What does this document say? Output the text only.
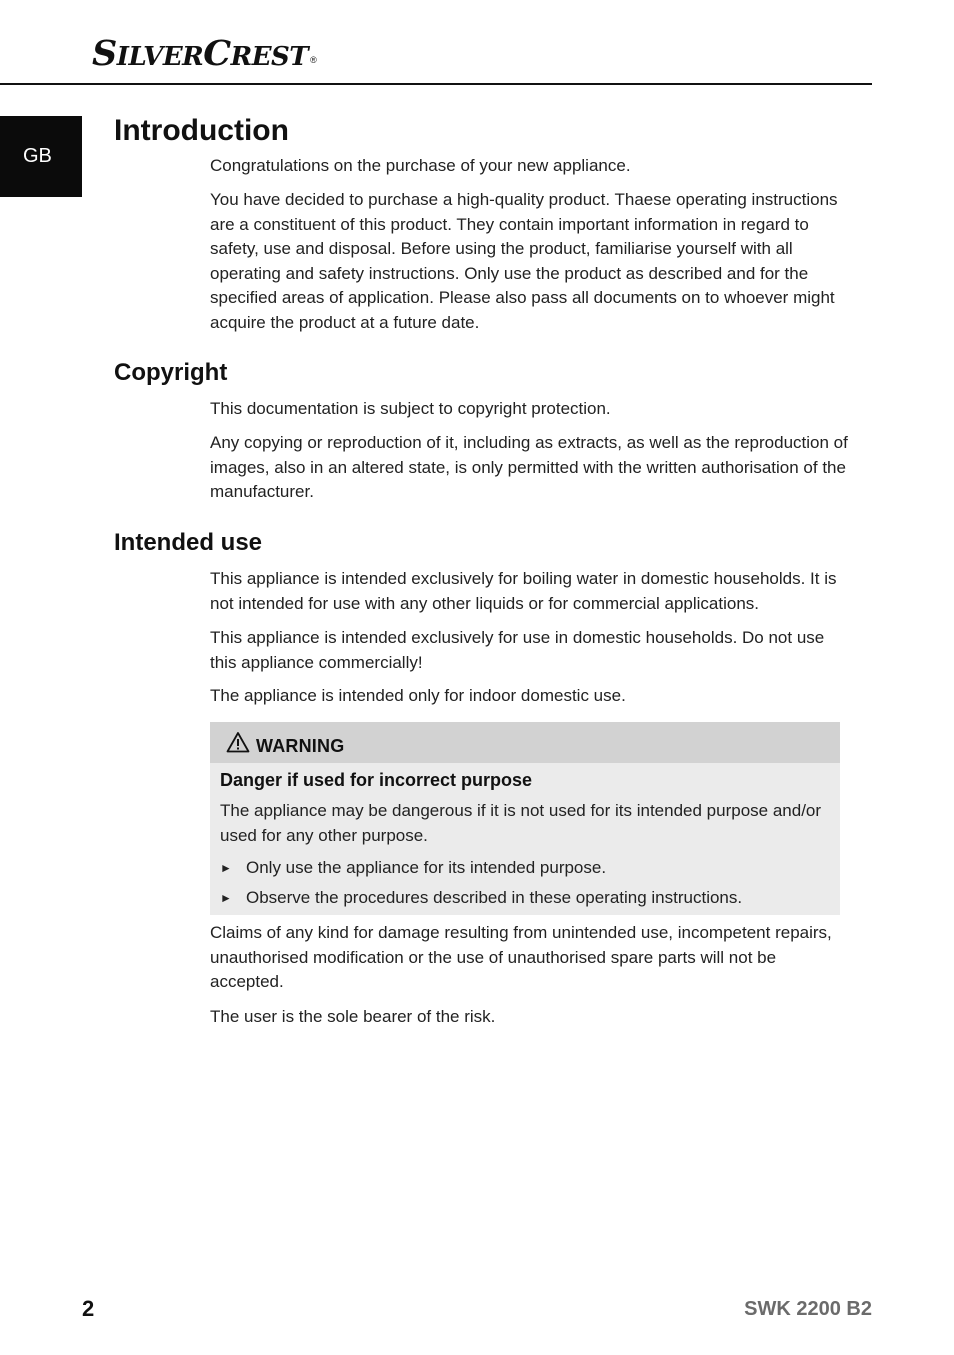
SILVERCREST ®
GB
Introduction

Congratulations on the purchase of your new appliance.

You have decided to purchase a high-quality product. Thaese operating instructions are a constituent of this product. They contain important information in regard to safety, use and disposal. Before using the product, familiarise yourself with all operating and safety instructions. Only use the product as described and for the specified areas of application. Please also pass all documents on to whoever might acquire the product at a future date.

Copyright

This documentation is subject to copyright protection.

Any copying or reproduction of it, including as extracts, as well as the reproduction of images, also in an altered state, is only permitted with the written authorisation of the manufacturer.

Intended use

This appliance is intended exclusively for boiling water in domestic households. It is not intended for use with any other liquids or for commercial applications.

This appliance is intended exclusively for use in domestic households. Do not use this appliance commercially!

The appliance is intended only for indoor domestic use.

WARNING
Danger if used for incorrect purpose

The appliance may be dangerous if it is not used for its intended purpose and/or used for any other purpose.

► Only use the appliance for its intended purpose.
► Observe the procedures described in these operating instructions.

Claims of any kind for damage resulting from unintended use, incompetent repairs, unauthorised modification or the use of unauthorised spare parts will not be accepted.

The user is the sole bearer of the risk.

2	SWK 2200 B2
